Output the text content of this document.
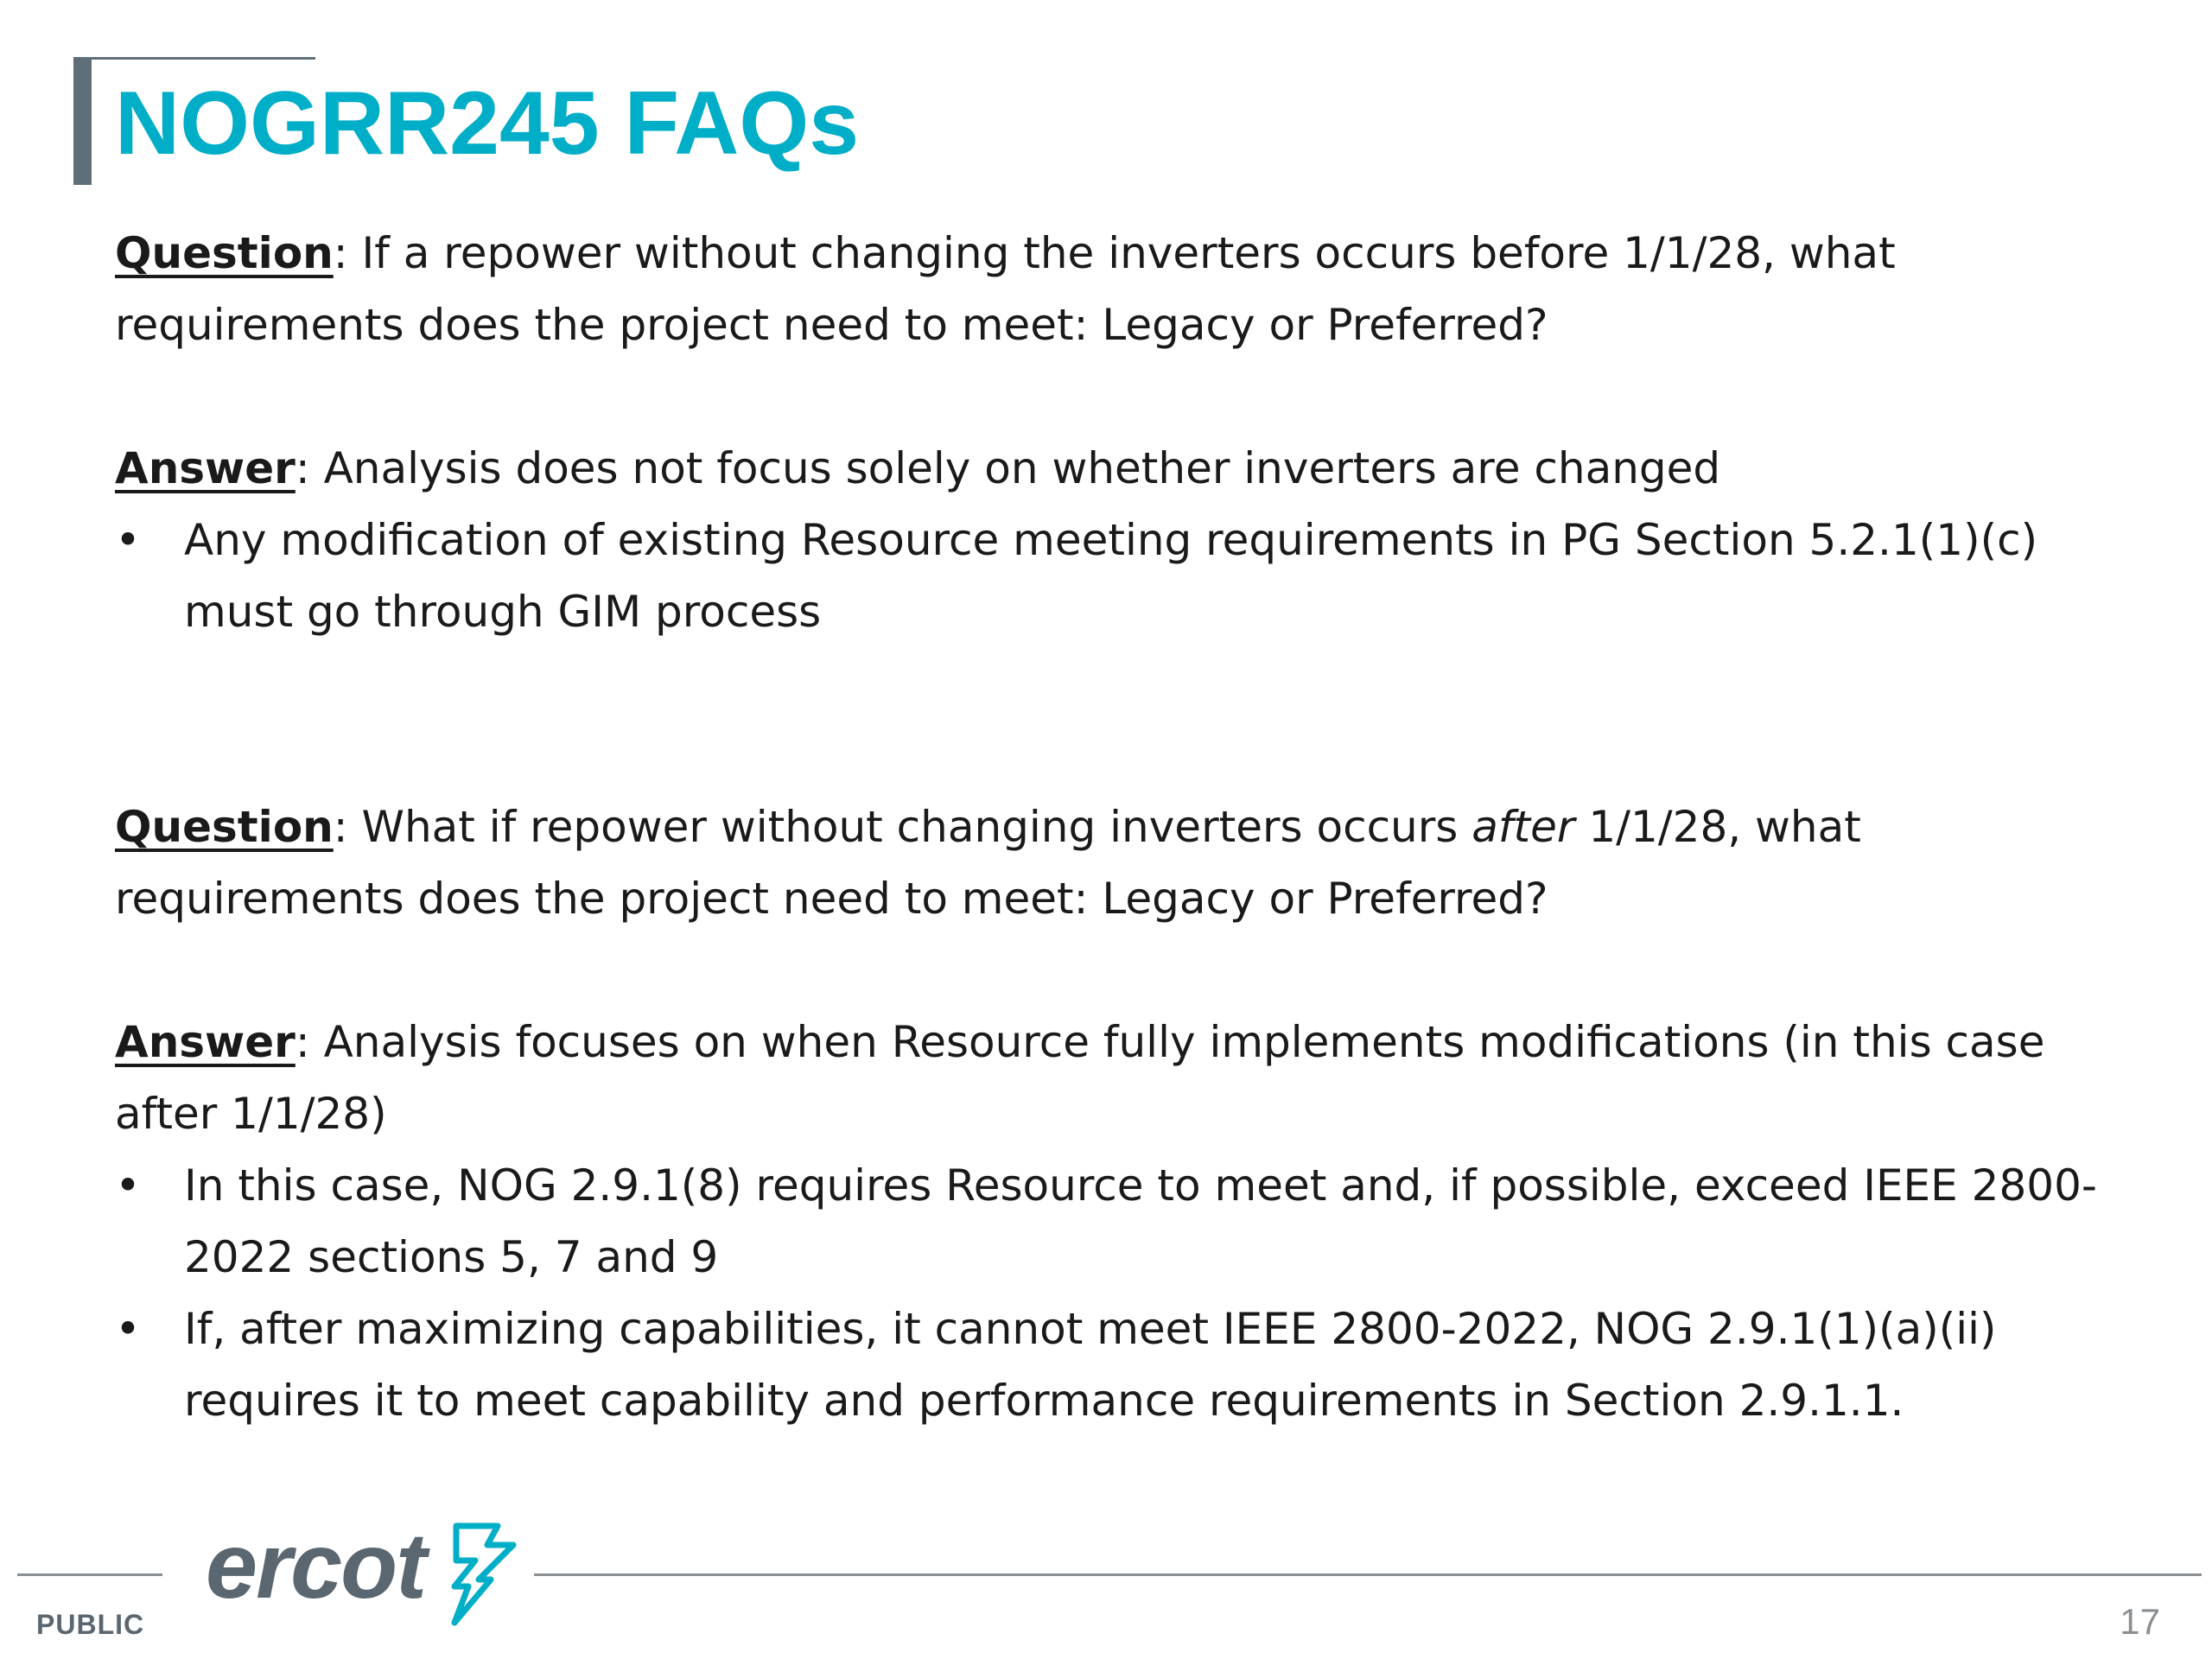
NOGRR245 FAQs

Question: If a repower without changing the inverters occurs before 1/1/28, what requirements does the project need to meet: Legacy or Preferred?

Answer: Analysis does not focus solely on whether inverters are changed

• Any modification of existing Resource meeting requirements in PG Section 5.2.1(1)(c) must go through GIM process

Question: What if repower without changing inverters occurs after 1/1/28, what requirements does the project need to meet: Legacy or Preferred?

Answer: Analysis focuses on when Resource fully implements modifications (in this case after 1/1/28)

• In this case, NOG 2.9.1(8) requires Resource to meet and, if possible, exceed IEEE 2800-2022 sections 5, 7 and 9
• If, after maximizing capabilities, it cannot meet IEEE 2800-2022, NOG 2.9.1(1)(a)(ii) requires it to meet capability and performance requirements in Section 2.9.1.1.
ercot
PUBLIC	17
